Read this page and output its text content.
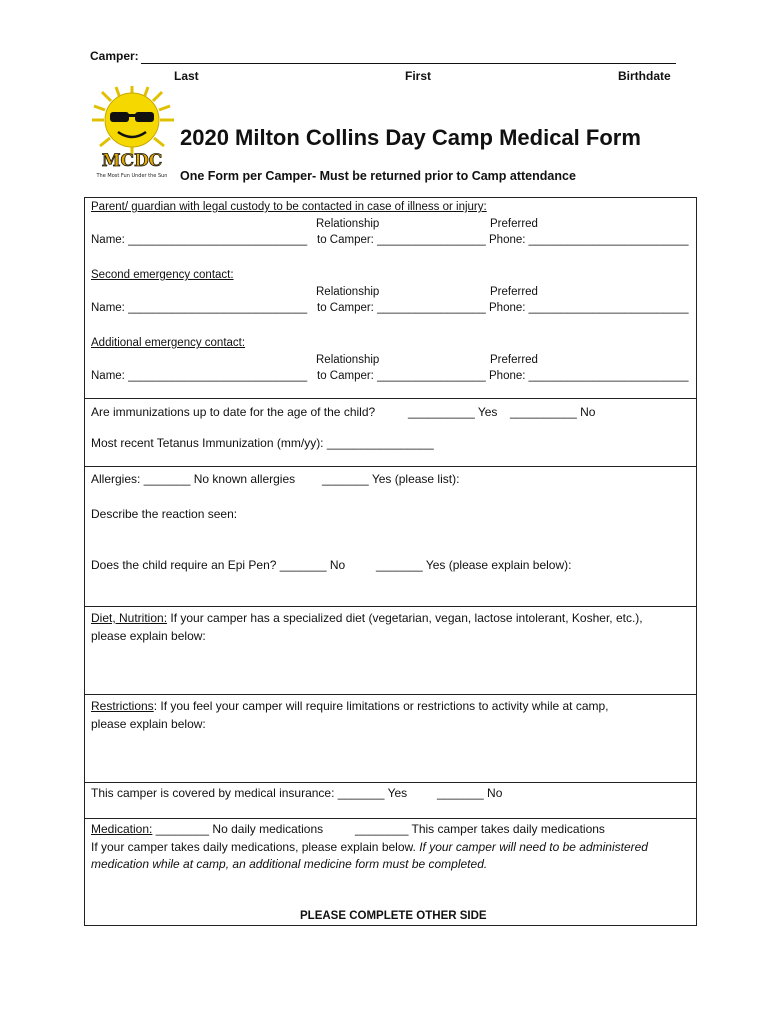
Camper:
Last	First	Birthdate
MCDC
The Most Fun Under the Sun
2020 Milton Collins Day Camp Medical Form
One Form per Camper- Must be returned prior to Camp attendance
Parent/ guardian with legal custody to be contacted in case of illness or injury:
Relationship	Preferred
Name: ____________________________ to Camper: _________________ Phone: _________________________
Second emergency contact:
Relationship	Preferred
Name: ____________________________ to Camper: _________________ Phone: _________________________
Additional emergency contact:
Relationship	Preferred
Name: ____________________________ to Camper: _________________ Phone: _________________________
Are immunizations up to date for the age of the child?	__________ Yes __________ No
Most recent Tetanus Immunization (mm/yy): ________________
Allergies: _______ No known allergies _______ Yes (please list):
Describe the reaction seen:
Does the child require an Epi Pen? _______ No	_______ Yes (please explain below):
Diet, Nutrition: If your camper has a specialized diet (vegetarian, vegan, lactose intolerant, Kosher, etc.),
please explain below:
Restrictions: If you feel your camper will require limitations or restrictions to activity while at camp,
please explain below:
This camper is covered by medical insurance: _______ Yes _______ No
Medication: ________ No daily medications	________ This camper takes daily medications
If your camper takes daily medications, please explain below. If your camper will need to be administered
medication while at camp, an additional medicine form must be completed.
PLEASE COMPLETE OTHER SIDE
